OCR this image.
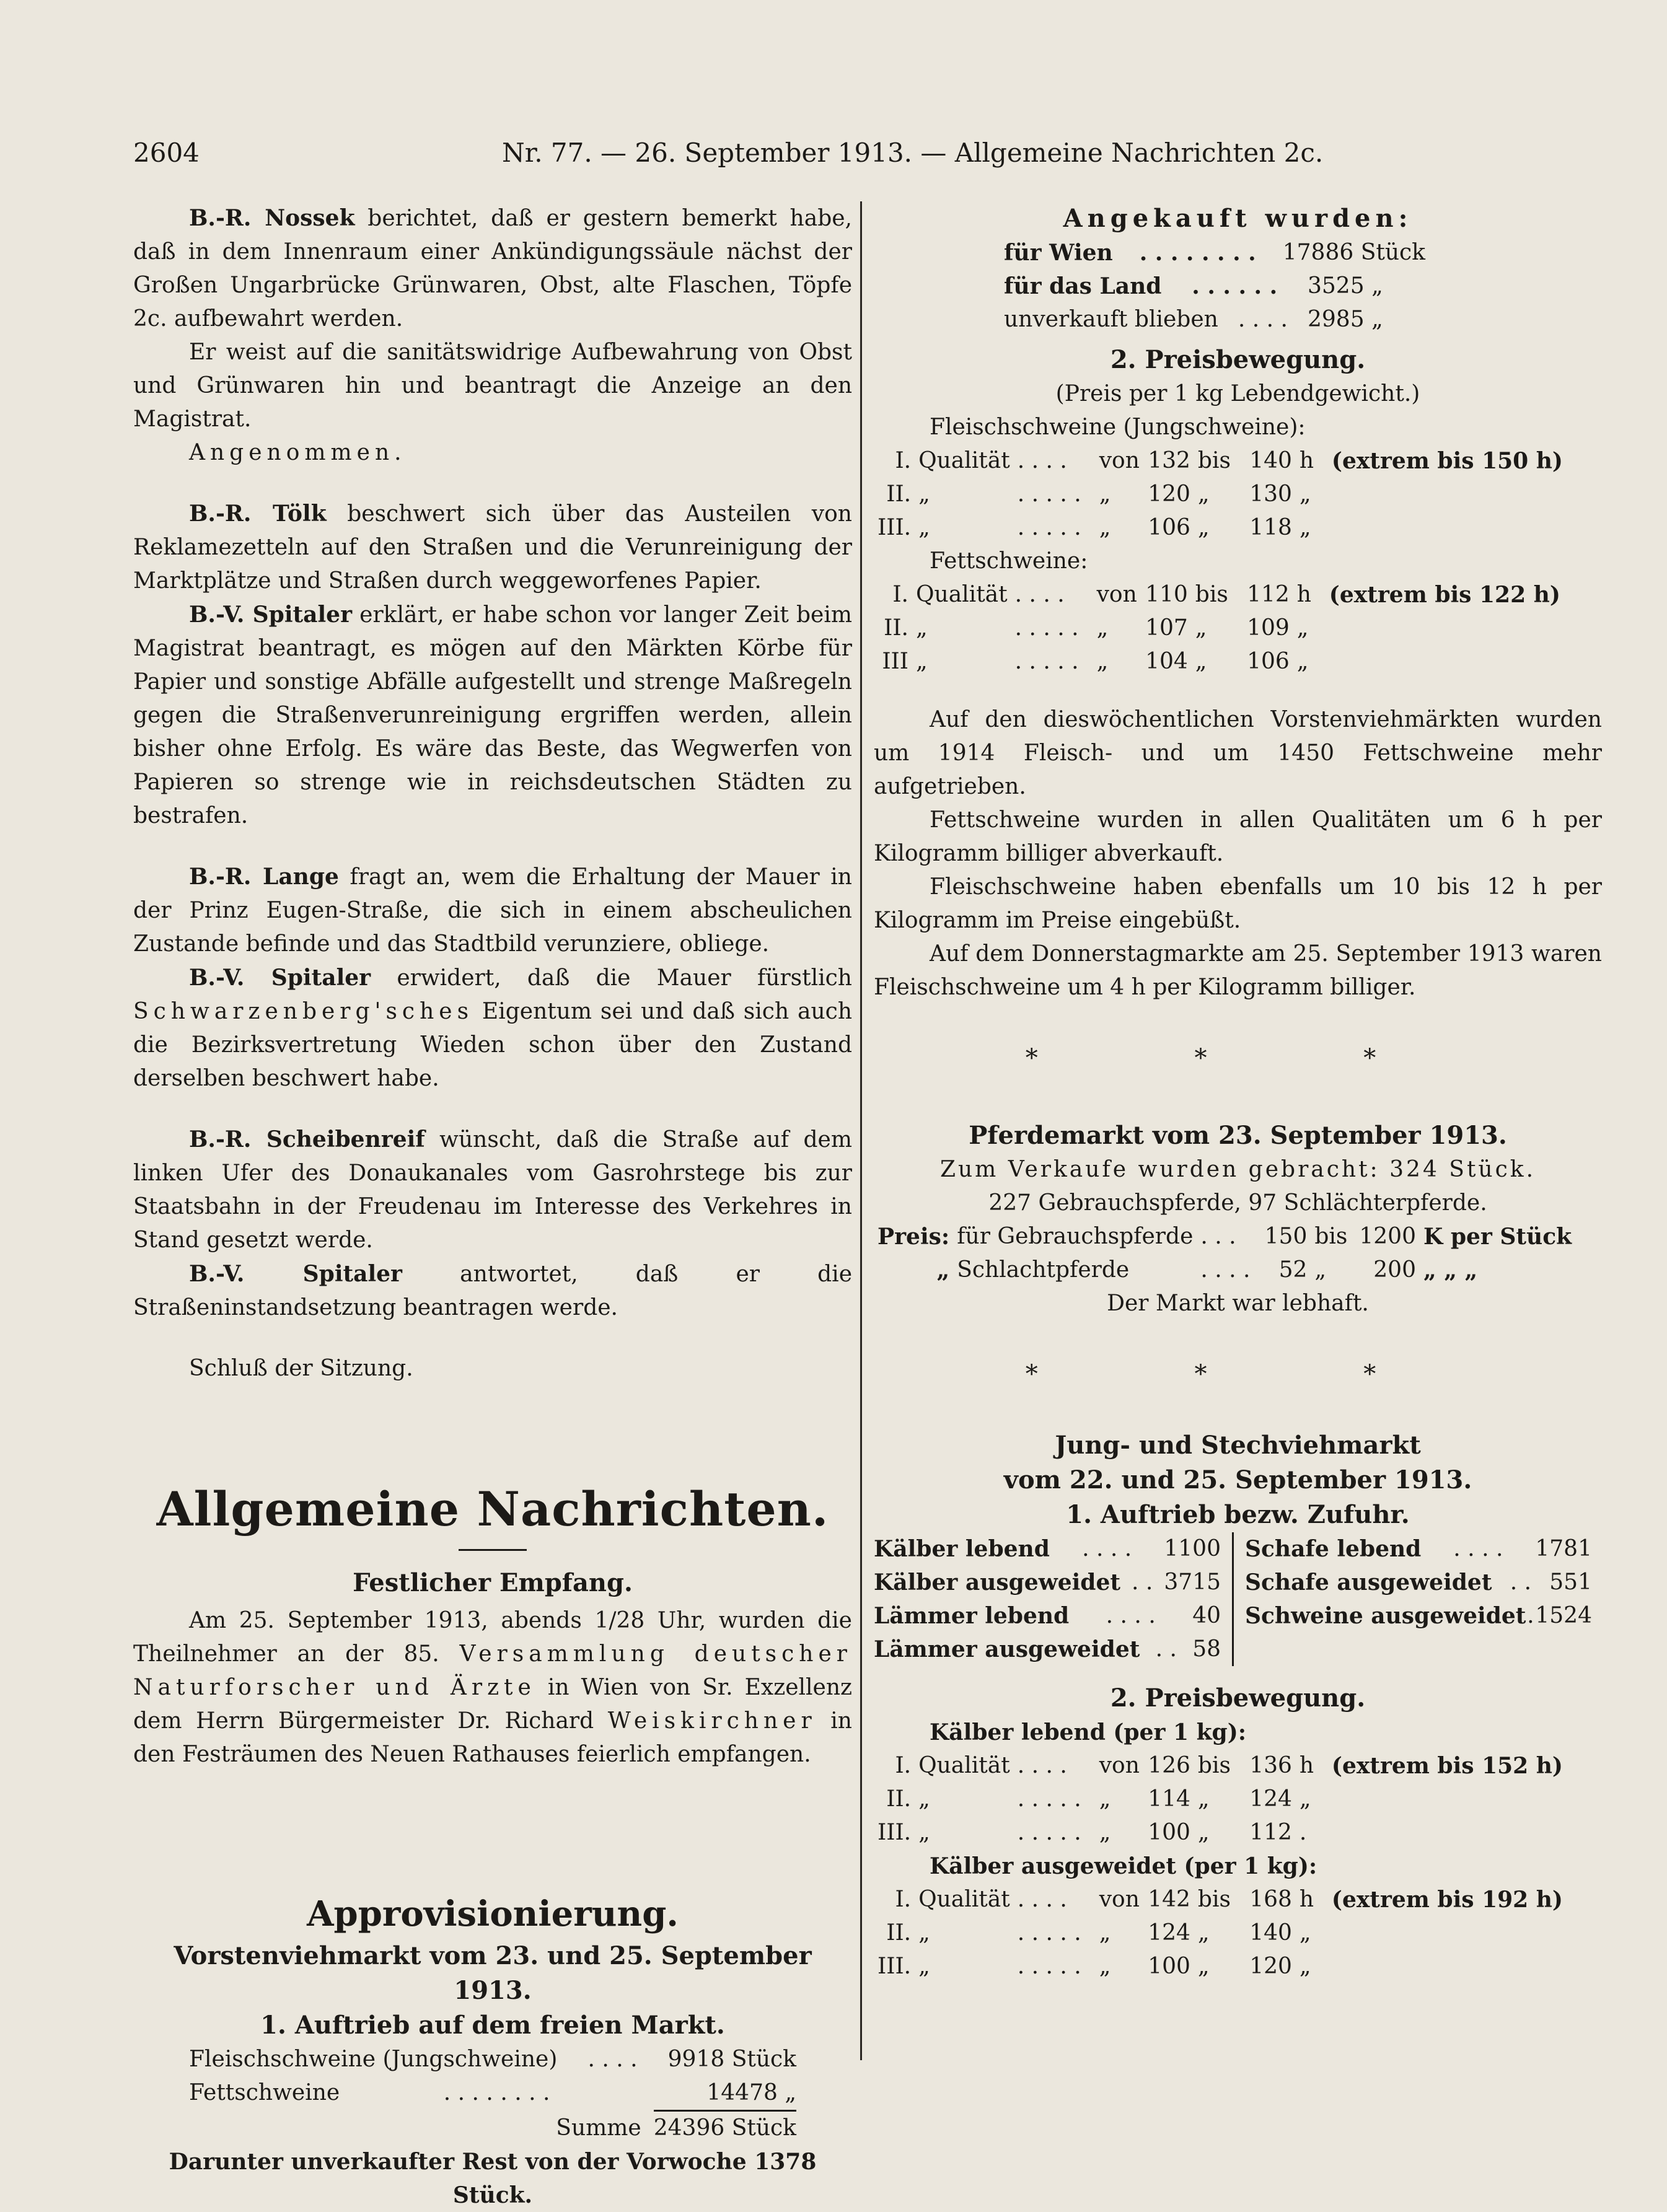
2604	Nr. 77. — 26. September 1913. — Allgemeine Nachrichten 2c.

B.-R. Nossek berichtet, daß er gestern bemerkt habe, daß in dem Innenraum einer Ankündigungssäule nächst der Großen Ungarbrücke Grünwaren, Obst, alte Flaschen, Töpfe 2c. aufbewahrt werden.

Er weist auf die sanitätswidrige Aufbewahrung von Obst und Grünwaren hin und beantragt die Anzeige an den Magistrat.

Angenommen.

B.-R. Tölk beschwert sich über das Austeilen von Reklamezetteln auf den Straßen und die Verunreinigung der Marktplätze und Straßen durch weggeworfenes Papier.

B.-V. Spitaler erklärt, er habe schon vor langer Zeit beim Magistrat beantragt, es mögen auf den Märkten Körbe für Papier und sonstige Abfälle aufgestellt und strenge Maßregeln gegen die Straßenverunreinigung ergriffen werden, allein bisher ohne Erfolg. Es wäre das Beste, das Wegwerfen von Papieren so strenge wie in reichsdeutschen Städten zu bestrafen.

B.-R. Lange fragt an, wem die Erhaltung der Mauer in der Prinz Eugen-Straße, die sich in einem abscheulichen Zustande befinde und das Stadtbild verunziere, obliege.

B.-V. Spitaler erwidert, daß die Mauer fürstlich Schwarzenberg'sches Eigentum sei und daß sich auch die Bezirksvertretung Wieden schon über den Zustand derselben beschwert habe.

B.-R. Scheibenreif wünscht, daß die Straße auf dem linken Ufer des Donaukanales vom Gasrohrstege bis zur Staatsbahn in der Freudenau im Interesse des Verkehres in Stand gesetzt werde.

B.-V. Spitaler antwortet, daß er die Straßeninstandsetzung beantragen werde.

Schluß der Sitzung.

Allgemeine Nachrichten.
Festlicher Empfang.

Am 25. September 1913, abends 1/28 Uhr, wurden die Theilnehmer an der 85. Versammlung deutscher Naturforscher und Ärzte in Wien von Sr. Exzellenz dem Herrn Bürgermeister Dr. Richard Weiskirchner in den Festräumen des Neuen Rathauses feierlich empfangen.

Approvisionierung.
Vorstenviehmarkt vom 23. und 25. September 1913.
1. Auftrieb auf dem freien Markt.
Fleischschweine (Jungschweine)	. . . .	9918 Stück
Fettschweine	. . . . . . . .	14478 „
Summe 24396 Stück

Darunter unverkaufter Rest von der Vorwoche 1378 Stück.

Angekauft wurden:
für Wien	. . . . . . . .	17886 Stück
für das Land	. . . . . .	3525 „
unverkauft blieben . . . . 2985 „
2. Preisbewegung.

(Preis per 1 kg Lebendgewicht.)

Fleischschweine (Jungschweine):

I.	Qualität	. . . .	von	132	bis	140	h	(extrem bis 150 h)
II.	„	. . . . .	„	120	„	130	„	
III.	„	. . . . .	„	106	„	118	„	

Fettschweine:

I.	Qualität	. . . .	von	110	bis	112	h	(extrem bis 122 h)
II.	„	. . . . .	„	107	„	109	„	
III	„	. . . . .	„	104	„	106	„	

Auf den dieswöchentlichen Vorstenviehmärkten wurden um 1914 Fleisch- und um 1450 Fettschweine mehr aufgetrieben.

Fettschweine wurden in allen Qualitäten um 6 h per Kilogramm billiger abverkauft.

Fleischschweine haben ebenfalls um 10 bis 12 h per Kilogramm im Preise eingebüßt.

Auf dem Donnerstagmarkte am 25. September 1913 waren Fleischschweine um 4 h per Kilogramm billiger.

* * *
Pferdemarkt vom 23. September 1913.

Zum Verkaufe wurden gebracht: 324 Stück.

227 Gebrauchspferde, 97 Schlächterpferde.

Preis:	für Gebrauchspferde	. . .	150	bis	1200	K per Stück
„	Schlachtpferde	. . . .	52	„	200	„ „ „

Der Markt war lebhaft.

* * *
Jung- und Stechviehmarkt
vom 22. und 25. September 1913.
1. Auftrieb bezw. Zufuhr.
Kälber lebend	. . . .	1100
Kälber ausgeweidet . . 3715
Lämmer lebend	. . . .	40
Lämmer ausgeweidet . . 58
Schafe lebend	. . . .	1781
Schafe ausgeweidet . . 551
Schweine ausgeweidet . 1524
2. Preisbewegung.

Kälber lebend (per 1 kg):

I.	Qualität	. . . .	von	126	bis	136	h	(extrem bis 152 h)
II.	„	. . . . .	„	114	„	124	„	
III.	„	. . . . .	„	100	„	112	.	

Kälber ausgeweidet (per 1 kg):

I.	Qualität	. . . .	von	142	bis	168	h	(extrem bis 192 h)
II.	„	. . . . .	„	124	„	140	„	
III.	„	. . . . .	„	100	„	120	„	
